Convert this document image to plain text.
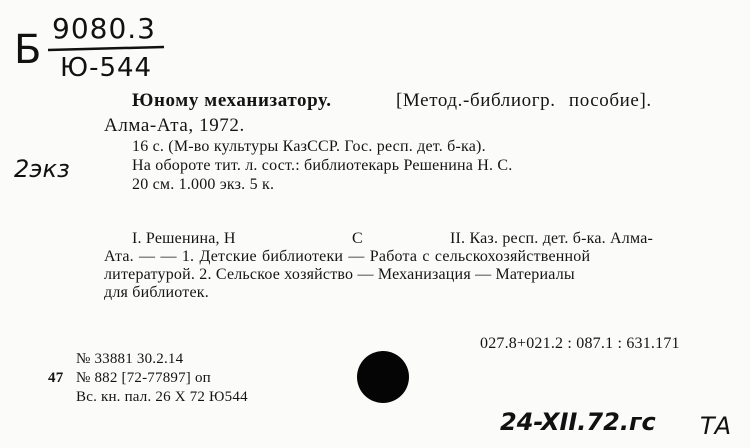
Б 9080.3
Ю-544
2экз
Юному механизатору.	[Метод.-библиогр. пособие].
Алма-Ата, 1972.
16 с. (М-во культуры КазССР. Гос. респ. дет. б-ка).
На обороте тит. л. сост.: библиотекарь Решенина Н. С.
20 см. 1.000 экз. 5 к.
I. Решенина, Н	С	II. Каз. респ. дет. б-ка. Алма-
Ата. — — 1. Детские библиотеки — Работа с сельскохозяйственной
литературой. 2. Сельское хозяйство — Механизация — Материалы
для библиотек.
027.8+021.2 : 087.1 : 631.171
№ 33881 30.2.14
47 № 882 [72-77897] оп
Вс. кн. пал. 26 X 72 Ю544
24-XII.72.гс ТА
